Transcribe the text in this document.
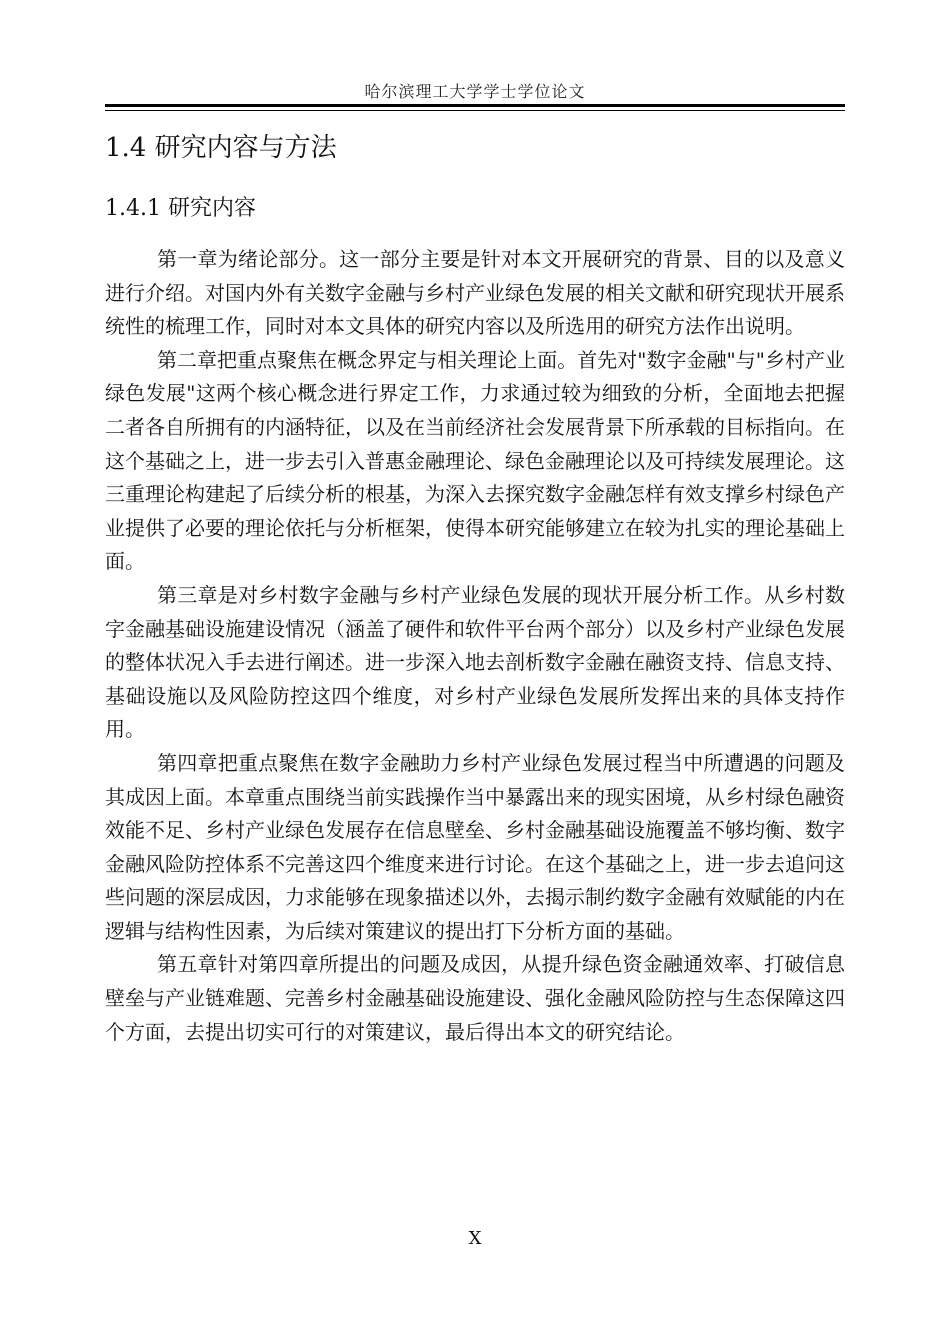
哈尔滨理工大学学士学位论文
1.4 研究内容与方法
1.4.1 研究内容

第一章为绪论部分。这一部分主要是针对本文开展研究的背景、目的以及意义进行介绍。对国内外有关数字金融与乡村产业绿色发展的相关文献和研究现状开展系统性的梳理工作，同时对本文具体的研究内容以及所选用的研究方法作出说明。

第二章把重点聚焦在概念界定与相关理论上面。首先对"数字金融"与"乡村产业绿色发展"这两个核心概念进行界定工作，力求通过较为细致的分析，全面地去把握二者各自所拥有的内涵特征，以及在当前经济社会发展背景下所承载的目标指向。在这个基础之上，进一步去引入普惠金融理论、绿色金融理论以及可持续发展理论。这三重理论构建起了后续分析的根基，为深入去探究数字金融怎样有效支撑乡村绿色产业提供了必要的理论依托与分析框架，使得本研究能够建立在较为扎实的理论基础上面。

第三章是对乡村数字金融与乡村产业绿色发展的现状开展分析工作。从乡村数字金融基础设施建设情况（涵盖了硬件和软件平台两个部分）以及乡村产业绿色发展的整体状况入手去进行阐述。进一步深入地去剖析数字金融在融资支持、信息支持、基础设施以及风险防控这四个维度，对乡村产业绿色发展所发挥出来的具体支持作用。

第四章把重点聚焦在数字金融助力乡村产业绿色发展过程当中所遭遇的问题及其成因上面。本章重点围绕当前实践操作当中暴露出来的现实困境，从乡村绿色融资效能不足、乡村产业绿色发展存在信息壁垒、乡村金融基础设施覆盖不够均衡、数字金融风险防控体系不完善这四个维度来进行讨论。在这个基础之上，进一步去追问这些问题的深层成因，力求能够在现象描述以外，去揭示制约数字金融有效赋能的内在逻辑与结构性因素，为后续对策建议的提出打下分析方面的基础。

第五章针对第四章所提出的问题及成因，从提升绿色资金融通效率、打破信息壁垒与产业链难题、完善乡村金融基础设施建设、强化金融风险防控与生态保障这四个方面，去提出切实可行的对策建议，最后得出本文的研究结论。

X
